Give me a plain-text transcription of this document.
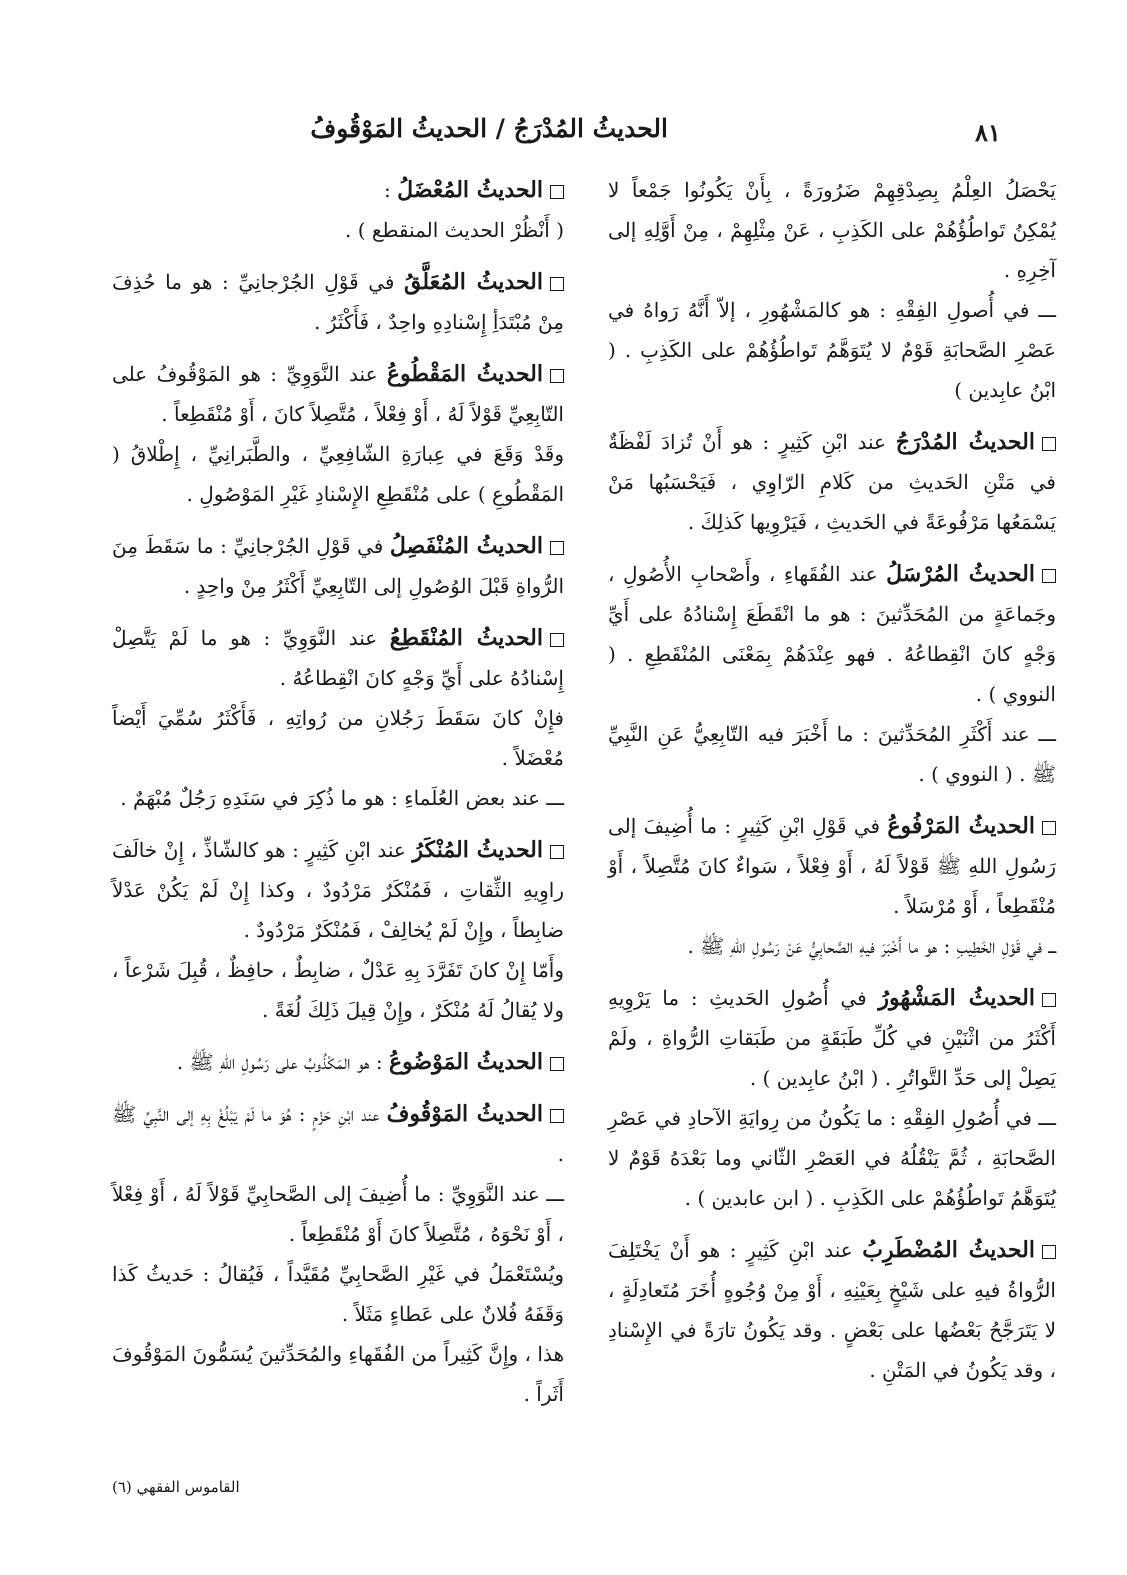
٨١
الحديثُ المُدْرَجُ / الحديثُ المَوْقُوفُ

يَحْصَلُ العِلْمُ بِصِدْقِهِمْ ضَرُورَةً ، بِأَنْ يَكُونُوا جَمْعاً لا يُمْكِنُ تَواطُؤُهُمْ على الكَذِبِ ، عَنْ مِثْلِهِمْ ، مِنْ أَوَّلِهِ إلى آخِرِهِ .

ـــ في أُصولِ الفِقْهِ : هو كالمَشْهُورِ ، إلاّ أَنَّهُ رَواهُ في عَصْرِ الصَّحابَةِ قَوْمٌ لا يُتَوَهَّمُ تَواطُؤُهُمْ على الكَذِبِ . ( ابْنُ عابِدين )

الحديثُ المُدْرَجُ عند ابْنِ كَثِيرٍ : هو أَنْ تُزادَ لَفْظَةٌ في مَتْنِ الحَديثِ من كَلامِ الرّاوِي ، فَيَحْسَبُها مَنْ يَسْمَعُها مَرْفُوعَةً في الحَديثِ ، فَيَرْوِيها كَذلِكَ .

الحديثُ المُرْسَلُ عند الفُقَهاءِ ، وأَصْحابِ الأُصُولِ ، وجَماعَةٍ من المُحَدِّثينَ : هو ما انْقَطَعَ إِسْنادُهُ على أَيِّ وَجْهٍ كانَ انْقِطاعُهُ . فهو عِنْدَهُمْ بِمَعْنَى المُنْقَطِعِ . ( النووي ) .

ـــ عند أَكْثَرِ المُحَدِّثينَ : ما أَخْبَرَ فيه التّابِعِيُّ عَنِ النَّبِيِّ ﷺ . ( النووي ) .

الحديثُ المَرْفُوعُ في قَوْلِ ابْنِ كَثِيرٍ : ما أُضِيفَ إلى رَسُولِ اللهِ ﷺ قَوْلاً لَهُ ، أَوْ فِعْلاً ، سَواءٌ كانَ مُتَّصِلاً ، أَوْ مُنْقَطِعاً ، أَوْ مُرْسَلاً .

ـــ في قَوْلِ الخَطِيبِ : هو ما أَخْبَرَ فيهِ الصَّحابِيُّ عَنْ رَسُولِ اللهِ ﷺ .

الحديثُ المَشْهُورُ في أُصُولِ الحَديثِ : ما يَرْوِيهِ أَكْثَرُ من اثْنَيْنِ في كُلِّ طَبَقَةٍ من طَبَقاتِ الرُّواةِ ، ولَمْ يَصِلْ إلى حَدِّ التَّواتُرِ . ( ابْنُ عابِدين ) .

ـــ في أُصُولِ الفِقْهِ : ما يَكُونُ من رِوايَةِ الآحادِ في عَصْرِ الصَّحابَةِ ، ثُمَّ يَنْقُلُهُ في العَصْرِ الثّاني وما بَعْدَهُ قَوْمٌ لا يُتَوَهَّمُ تَواطُؤُهُمْ على الكَذِبِ . ( ابن عابدين ) .

الحديثُ المُضْطَرِبُ عند ابْنِ كَثِيرٍ : هو أَنْ يَخْتَلِفَ الرُّواةُ فيهِ على شَيْخٍ بِعَيْنِهِ ، أَوْ مِنْ وُجُوهٍ أُخَرَ مُتَعادِلَةٍ ، لا يَتَرَجَّحُ بَعْضُها على بَعْضٍ . وقد يَكُونُ تارَةً في الإِسْنادِ ، وقد يَكُونُ في المَتْنِ .

الحديثُ المُعْضَلُ :

( أَنْظُرْ الحديث المنقطع ) .

الحديثُ المُعَلَّقُ في قَوْلِ الجُرْجانِيِّ : هو ما حُذِفَ مِنْ مُبْتَدَأِ إِسْنادِهِ واحِدٌ ، فَأَكْثَرُ .

الحديثُ المَقْطُوعُ عند النَّوَوِيِّ : هو المَوْقُوفُ على التّابِعِيِّ قَوْلاً لَهُ ، أَوْ فِعْلاً ، مُتَّصِلاً كانَ ، أَوْ مُنْقَطِعاً .

وقَدْ وَقَعَ في عِبارَةِ الشّافِعِيِّ ، والطَّبَرانِيِّ ، إِطْلاقُ ( المَقْطُوعِ ) على مُنْقَطِعِ الإِسْنادِ غَيْرِ المَوْصُولِ .

الحديثُ المُنْفَصِلُ في قَوْلِ الجُرْجانِيِّ : ما سَقَطَ مِنَ الرُّواةِ قَبْلَ الوُصُولِ إلى التّابِعِيِّ أَكْثَرُ مِنْ واحِدٍ .

الحديثُ المُنْقَطِعُ عند النَّوَوِيِّ : هو ما لَمْ يَتَّصِلْ إِسْنادُهُ على أَيِّ وَجْهٍ كانَ انْقِطاعُهُ .

فإِنْ كانَ سَقَطَ رَجُلانِ من رُواتِهِ ، فَأَكْثَرُ سُمِّيَ أَيْضاً مُعْضَلاً .

ـــ عند بعض العُلَماءِ : هو ما ذُكِرَ في سَنَدِهِ رَجُلٌ مُبْهَمٌ .

الحديثُ المُنْكَرُ عند ابْنِ كَثِيرٍ : هو كالشّاذِّ ، إِنْ خالَفَ راوِيهِ الثِّقاتِ ، فَمُنْكَرٌ مَرْدُودٌ ، وكذا إِنْ لَمْ يَكُنْ عَدْلاً ضابِطاً ، وإِنْ لَمْ يُخالِفْ ، فَمُنْكَرٌ مَرْدُودٌ .

وأَمّا إِنْ كانَ تَفَرَّدَ بِهِ عَدْلٌ ، ضابِطٌ ، حافِظٌ ، قُبِلَ شَرْعاً ، ولا يُقالُ لَهُ مُنْكَرٌ ، وإِنْ قِيلَ ذَلِكَ لُغَةً .

الحديثُ المَوْضُوعُ : هو المَكْذُوبُ على رَسُولِ اللهِ ﷺ .

الحديثُ المَوْقُوفُ عند ابْنِ حَزْمٍ : هُوَ ما لَمْ يَبْلُغْ بِهِ إلى النَّبِيِّ ﷺ .

ـــ عند النَّوَوِيِّ : ما أُضِيفَ إلى الصَّحابِيِّ قَوْلاً لَهُ ، أَوْ فِعْلاً ، أَوْ نَحْوَهُ ، مُتَّصِلاً كانَ أَوْ مُنْقَطِعاً .

ويُسْتَعْمَلُ في غَيْرِ الصَّحابِيِّ مُقَيَّداً ، فَيُقالُ : حَديثُ كَذا وَقَفَهُ فُلانٌ على عَطاءٍ مَثَلاً .

هذا ، وإِنَّ كَثِيراً من الفُقَهاءِ والمُحَدِّثينَ يُسَمُّونَ المَوْقُوفَ أَثَراً .

القاموس الفقهي (٦)
